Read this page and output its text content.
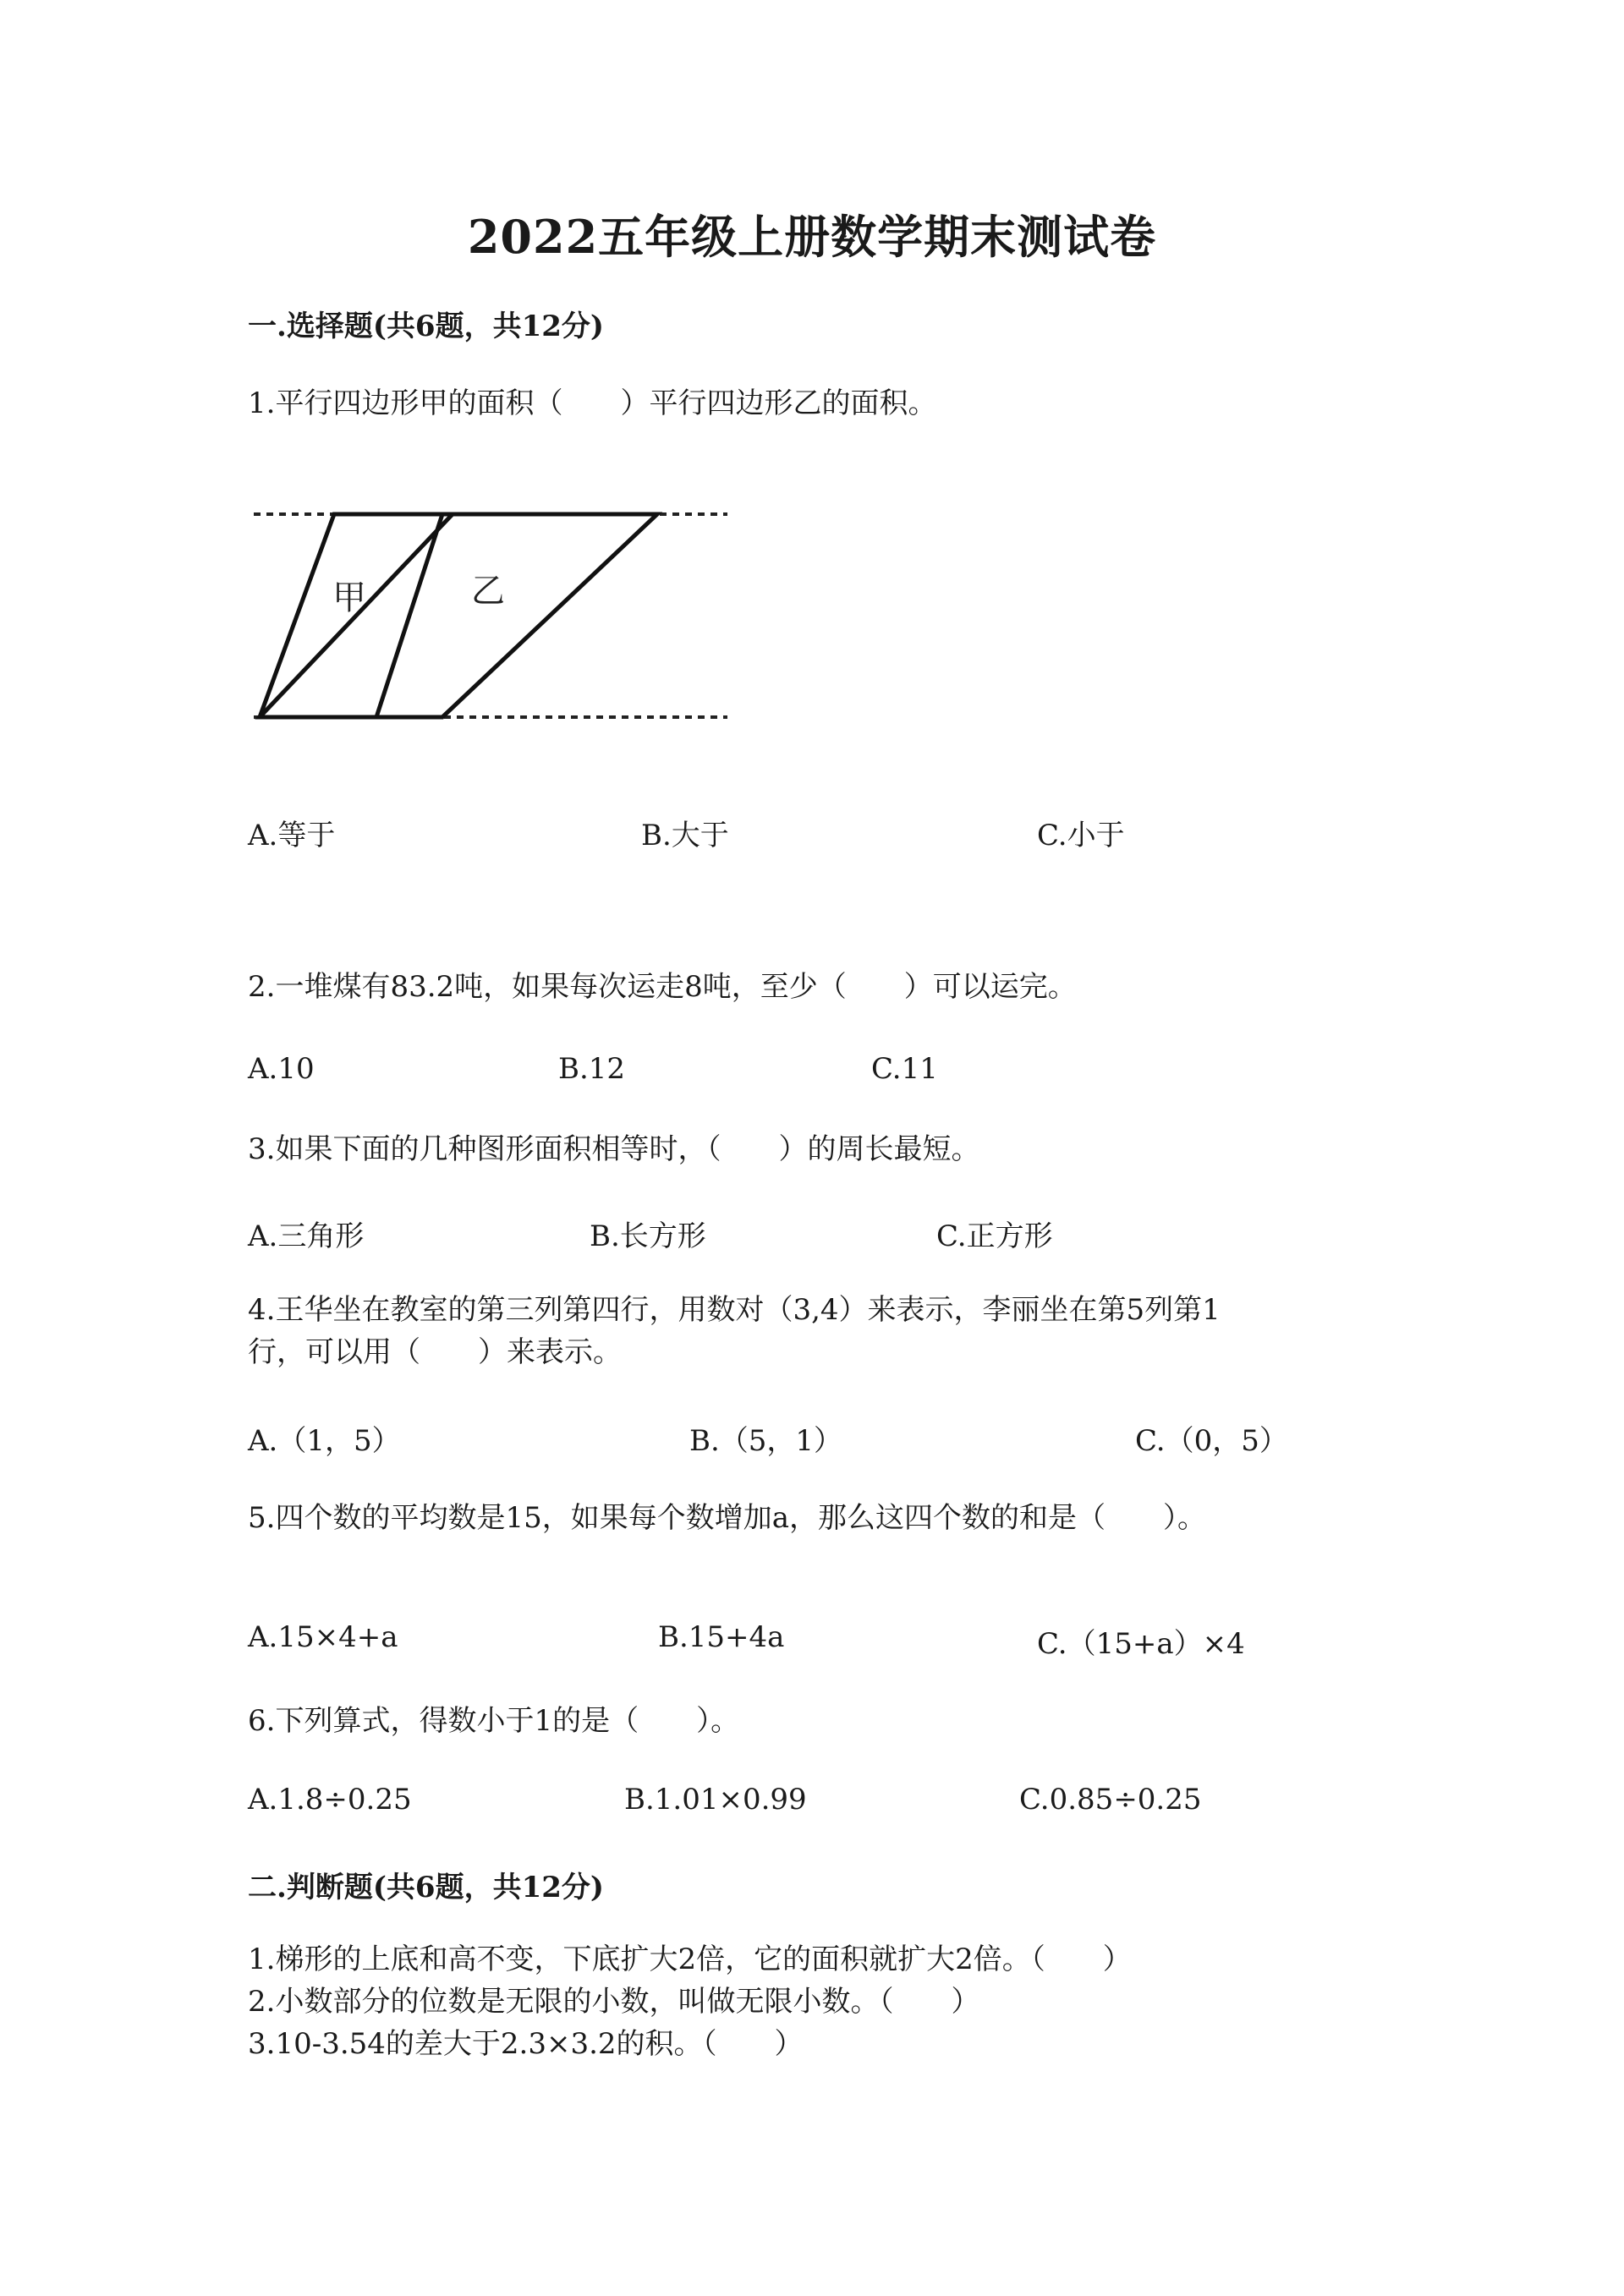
2022五年级上册数学期末测试卷
一.选择题(共6题，共12分)
1.平行四边形甲的面积（　　）平行四边形乙的面积。
甲	乙
A.等于	B.大于	C.小于
2.一堆煤有83.2吨，如果每次运走8吨，至少（　　）可以运完。
A.10	B.12	C.11
3.如果下面的几种图形面积相等时，（　　）的周长最短。
A.三角形	B.长方形	C.正方形
4.王华坐在教室的第三列第四行，用数对（3,4）来表示，李丽坐在第5列第1
行，可以用（　　）来表示。
A.（1，5）	B.（5，1）	C.（0，5）
5.四个数的平均数是15，如果每个数增加a，那么这四个数的和是（　　）。
A.15×4+a	B.15+4a	C.（15+a）×4
6.下列算式，得数小于1的是（　　）。
A.1.8÷0.25	B.1.01×0.99	C.0.85÷0.25
二.判断题(共6题，共12分)
1.梯形的上底和高不变，下底扩大2倍，它的面积就扩大2倍。（　　）
2.小数部分的位数是无限的小数，叫做无限小数。（　　）
3.10-3.54的差大于2.3×3.2的积。（　　）
